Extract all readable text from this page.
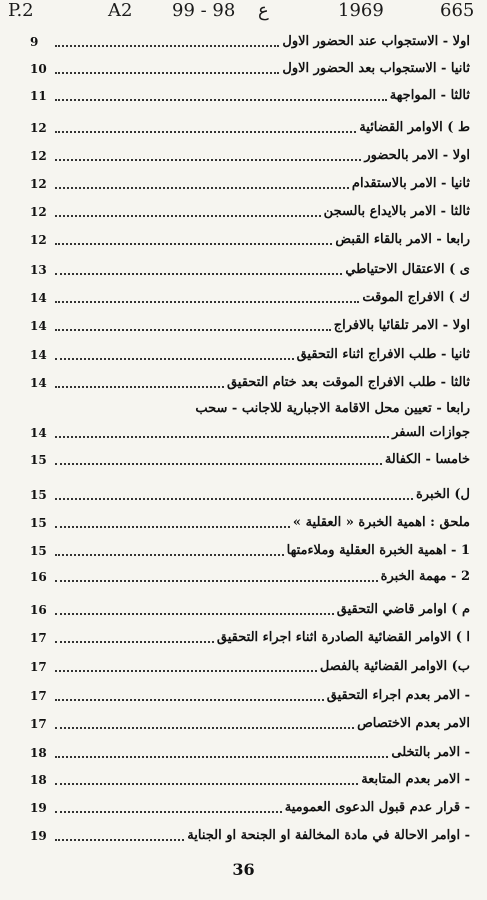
P.2	A2 99 - 98 ع	1969	665
9	اولا - الاستجواب عند الحضور الاول
10	ثانيا - الاستجواب بعد الحضور الاول
11	ثالثا - المواجهة
12	ط ) الاوامر القضائية
12	اولا - الامر بالحضور
12	ثانيا - الامر بالاستقدام
12	ثالثا - الامر بالايداع بالسجن
12	رابعا - الامر بالقاء القبض
13	ى ) الاعتقال الاحتياطي
14	ك ) الافراج الموقت
14	اولا - الامر تلقائيا بالافراج
14	ثانيا - طلب الافراج اثناء التحقيق
14	ثالثا - طلب الافراج الموقت بعد ختام التحقيق
رابعا - تعيين محل الاقامة الاجبارية للاجانب - سحب
14	جوازات السفر
15	خامسا - الكفالة
15	ل) الخبرة
15	ملحق : اهمية الخبرة « العقلية »
15	1 - اهمية الخبرة العقلية وملاءمتها
16	2 - مهمة الخبرة
16	م ) اوامر قاضي التحقيق
17	ا ) الاوامر القضائية الصادرة اثناء اجراء التحقيق
17	ب) الاوامر القضائية بالفصل
17	- الامر بعدم اجراء التحقيق
17	الامر بعدم الاختصاص
18	- الامر بالتخلى
18	- الامر بعدم المتابعة
19	- قرار عدم قبول الدعوى العمومية
19	- اوامر الاحالة في مادة المخالفة او الجنحة او الجناية
36
